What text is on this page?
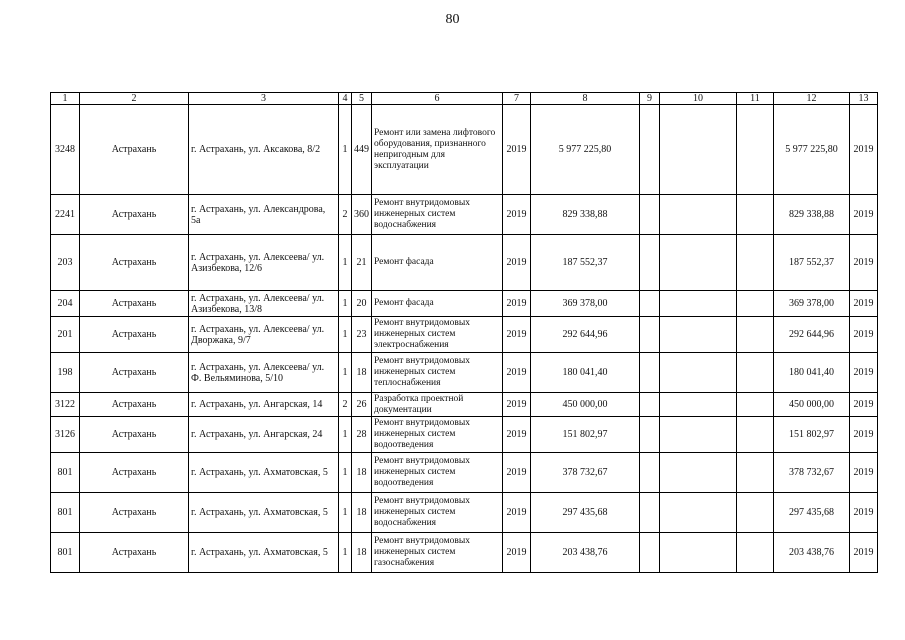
80
1	2	3	4	5	6	7	8	9	10	11	12	13
3248	Астрахань	г. Астрахань, ул. Аксакова, 8/2	1	449	Ремонт или замена лифтового оборудования, признанного непригодным для эксплуатации	2019	5 977 225,80				5 977 225,80	2019
2241	Астрахань	г. Астрахань, ул. Александрова, 5а	2	360	Ремонт внутридомовых инженерных систем водоснабжения	2019	829 338,88				829 338,88	2019
203	Астрахань	г. Астрахань, ул. Алексеева/ ул. Азизбекова, 12/6	1	21	Ремонт фасада	2019	187 552,37				187 552,37	2019
204	Астрахань	г. Астрахань, ул. Алексеева/ ул. Азизбекова, 13/8	1	20	Ремонт фасада	2019	369 378,00				369 378,00	2019
201	Астрахань	г. Астрахань, ул. Алексеева/ ул. Дворжака, 9/7	1	23	Ремонт внутридомовых инженерных систем электроснабжения	2019	292 644,96				292 644,96	2019
198	Астрахань	г. Астрахань, ул. Алексеева/ ул. Ф. Вельяминова, 5/10	1	18	Ремонт внутридомовых инженерных систем теплоснабжения	2019	180 041,40				180 041,40	2019
3122	Астрахань	г. Астрахань, ул. Ангарская, 14	2	26	Разработка проектной документации	2019	450 000,00				450 000,00	2019
3126	Астрахань	г. Астрахань, ул. Ангарская, 24	1	28	Ремонт внутридомовых инженерных систем водоотведения	2019	151 802,97				151 802,97	2019
801	Астрахань	г. Астрахань, ул. Ахматовская, 5	1	18	Ремонт внутридомовых инженерных систем водоотведения	2019	378 732,67				378 732,67	2019
801	Астрахань	г. Астрахань, ул. Ахматовская, 5	1	18	Ремонт внутридомовых инженерных систем водоснабжения	2019	297 435,68				297 435,68	2019
801	Астрахань	г. Астрахань, ул. Ахматовская, 5	1	18	Ремонт внутридомовых инженерных систем газоснабжения	2019	203 438,76				203 438,76	2019
